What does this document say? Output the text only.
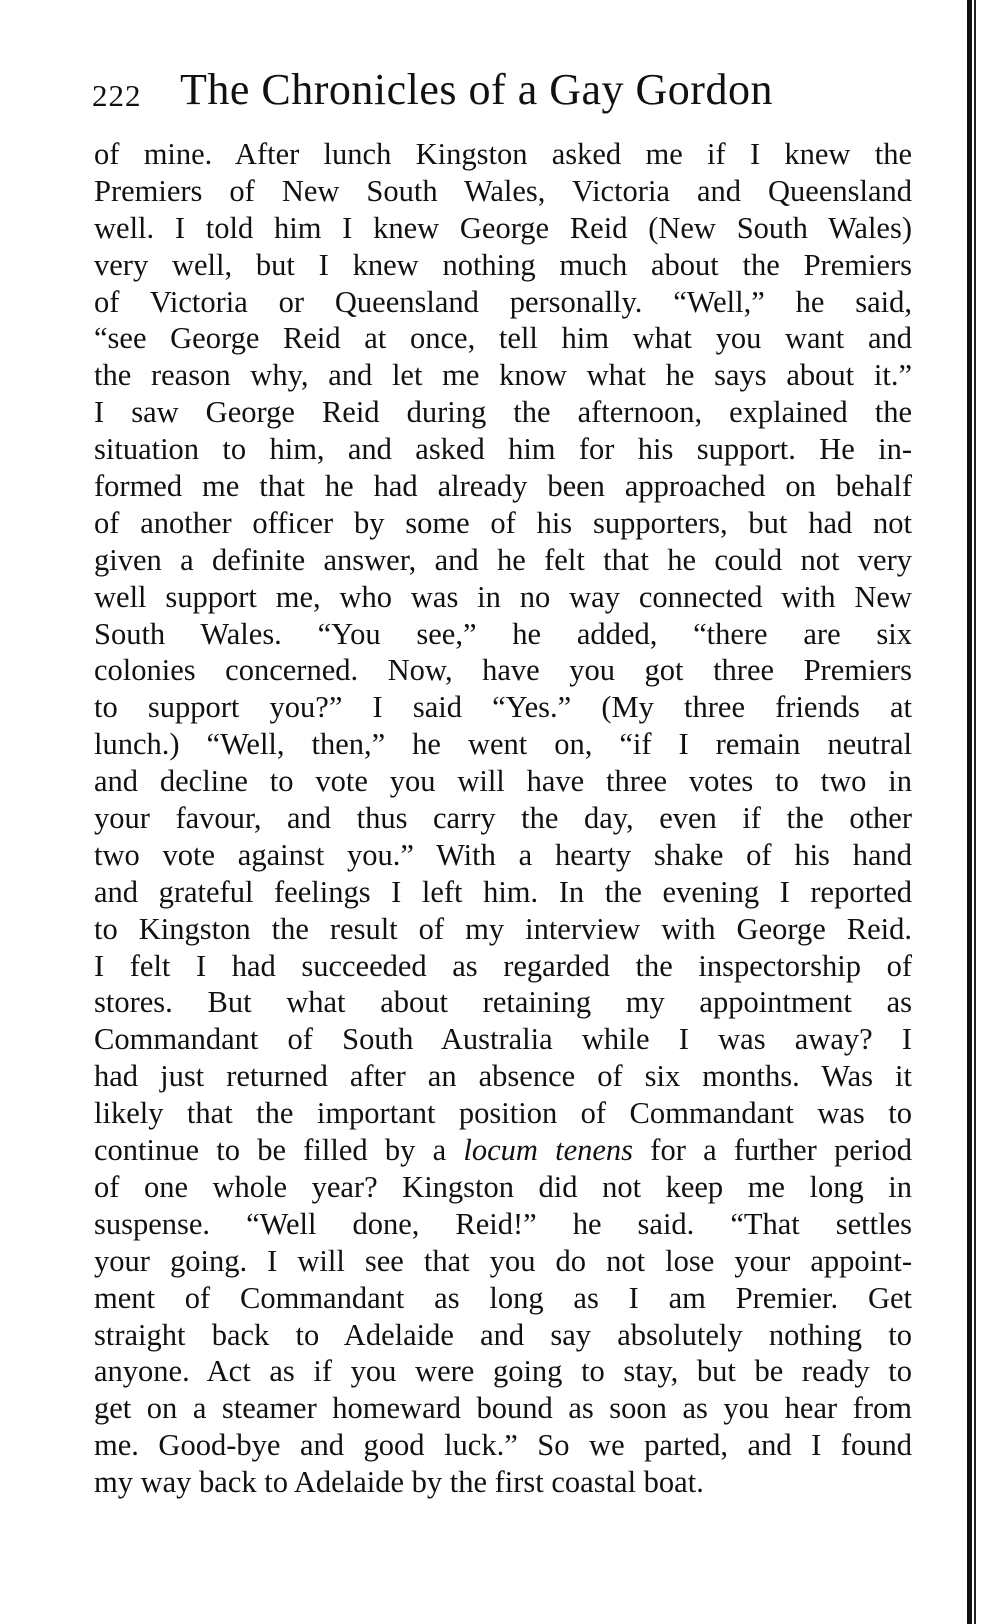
222 The Chronicles of a Gay Gordon
of mine. After lunch Kingston asked me if I knew the
Premiers of New South Wales, Victoria and Queensland
well. I told him I knew George Reid (New South Wales)
very well, but I knew nothing much about the Premiers
of Victoria or Queensland personally. “Well,” he said,
“see George Reid at once, tell him what you want and
the reason why, and let me know what he says about it.”
I saw George Reid during the afternoon, explained the
situation to him, and asked him for his support. He in-
formed me that he had already been approached on behalf
of another officer by some of his supporters, but had not
given a definite answer, and he felt that he could not very
well support me, who was in no way connected with New
South Wales. “You see,” he added, “there are six
colonies concerned. Now, have you got three Premiers
to support you?” I said “Yes.” (My three friends at
lunch.) “Well, then,” he went on, “if I remain neutral
and decline to vote you will have three votes to two in
your favour, and thus carry the day, even if the other
two vote against you.” With a hearty shake of his hand
and grateful feelings I left him. In the evening I reported
to Kingston the result of my interview with George Reid.
I felt I had succeeded as regarded the inspectorship of
stores. But what about retaining my appointment as
Commandant of South Australia while I was away? I
had just returned after an absence of six months. Was it
likely that the important position of Commandant was to
continue to be filled by a locum tenens for a further period
of one whole year? Kingston did not keep me long in
suspense. “Well done, Reid!” he said. “That settles
your going. I will see that you do not lose your appoint-
ment of Commandant as long as I am Premier. Get
straight back to Adelaide and say absolutely nothing to
anyone. Act as if you were going to stay, but be ready to
get on a steamer homeward bound as soon as you hear from
me. Good-bye and good luck.” So we parted, and I found
my way back to Adelaide by the first coastal boat.
